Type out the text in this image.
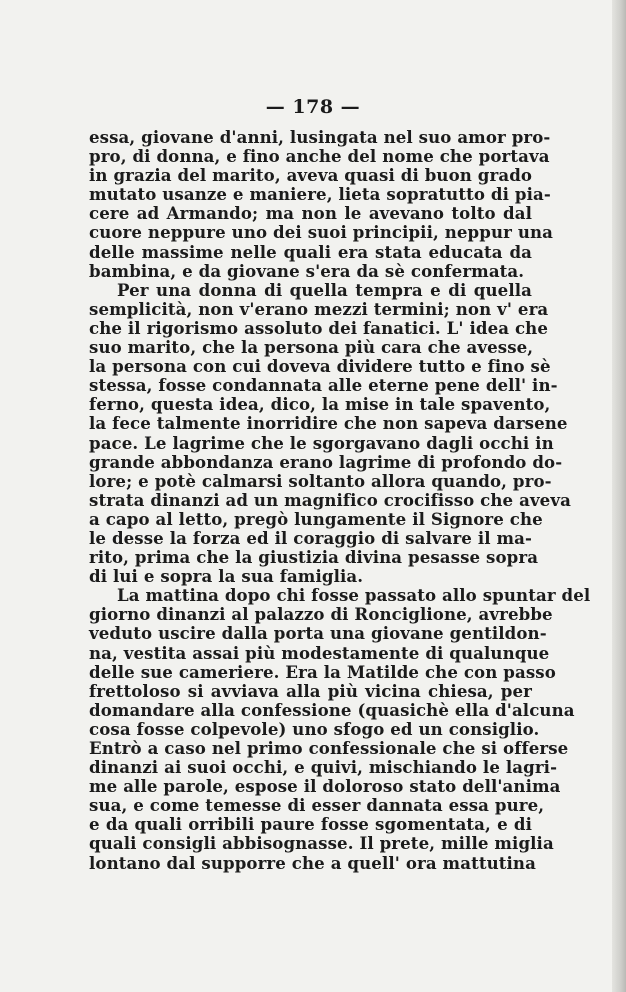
— 178 —
essa, giovane d'anni, lusingata nel suo amor pro-
pro, di donna, e fino anche del nome che portava
in grazia del marito, aveva quasi di buon grado
mutato usanze e maniere, lieta sopratutto di pia-
cere ad Armando; ma non le avevano tolto dal
cuore neppure uno dei suoi principii, neppur una
delle massime nelle quali era stata educata da
bambina, e da giovane s'era da sè confermata.
Per una donna di quella tempra e di quella
semplicità, non v'erano mezzi termini; non v' era
che il rigorismo assoluto dei fanatici. L' idea che
suo marito, che la persona più cara che avesse,
la persona con cui doveva dividere tutto e fino sè
stessa, fosse condannata alle eterne pene dell' in-
ferno, questa idea, dico, la mise in tale spavento,
la fece talmente inorridire che non sapeva darsene
pace. Le lagrime che le sgorgavano dagli occhi in
grande abbondanza erano lagrime di profondo do-
lore; e potè calmarsi soltanto allora quando, pro-
strata dinanzi ad un magnifico crocifisso che aveva
a capo al letto, pregò lungamente il Signore che
le desse la forza ed il coraggio di salvare il ma-
rito, prima che la giustizia divina pesasse sopra
di lui e sopra la sua famiglia.
La mattina dopo chi fosse passato allo spuntar del
giorno dinanzi al palazzo di Ronciglione, avrebbe
veduto uscire dalla porta una giovane gentildon-
na, vestita assai più modestamente di qualunque
delle sue cameriere. Era la Matilde che con passo
frettoloso si avviava alla più vicina chiesa, per
domandare alla confessione (quasichè ella d'alcuna
cosa fosse colpevole) uno sfogo ed un consiglio.
Entrò a caso nel primo confessionale che si offerse
dinanzi ai suoi occhi, e quivi, mischiando le lagri-
me alle parole, espose il doloroso stato dell'anima
sua, e come temesse di esser dannata essa pure,
e da quali orribili paure fosse sgomentata, e di
quali consigli abbisognasse. Il prete, mille miglia
lontano dal supporre che a quell' ora mattutina
